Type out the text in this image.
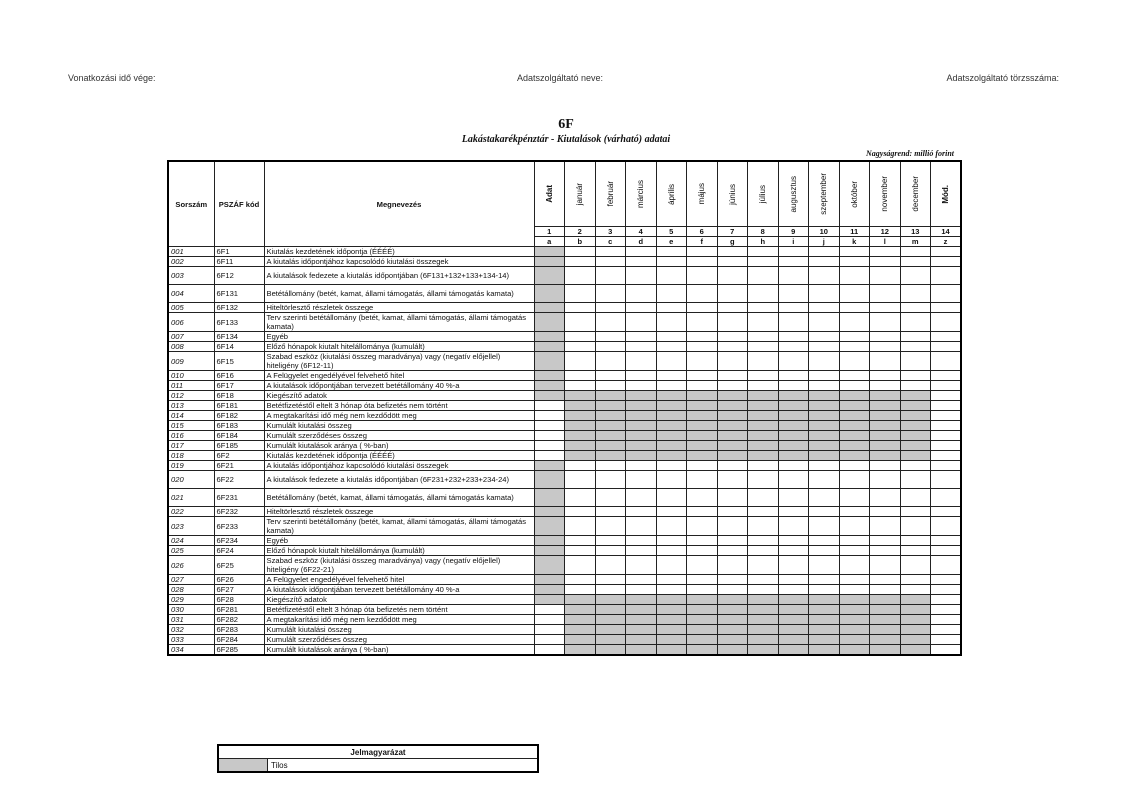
Vonatkozási idő vége:	Adatszolgáltató neve:	Adatszolgáltató törzsszáma:
6F
Lakástakarékpénztár - Kiutalások (várható) adatai
Nagyságrend: millió forint
Sorszám	PSZÁF kód	Megnevezés	Adat	január	február	március	április	május	június	július	augusztus	szeptember	október	november	december	Mód.

			1	2	3	4	5	6	7	8	9	10	11	12	13	14
			a	b	c	d	e	f	g	h	i	j	k	l	m	z
001	6F1	Kiutalás kezdetének időpontja (ÉÉÉÉ)														
002	6F11	A kiutalás időpontjához kapcsolódó kiutalási összegek														
003	6F12	A kiutalások fedezete a kiutalás időpontjában (6F131+132+133+134-14)														
004	6F131	Betétállomány (betét, kamat, állami támogatás, állami támogatás kamata)														
005	6F132	Hiteltörlesztő részletek összege														
006	6F133	Terv szerinti betétállomány (betét, kamat, állami támogatás, állami támogatás kamata)														
007	6F134	Egyéb														
008	6F14	Előző hónapok kiutalt hitelállománya (kumulált)														
009	6F15	Szabad eszköz (kiutalási összeg maradványa) vagy (negatív előjellel) hiteligény (6F12-11)														
010	6F16	A Felügyelet engedélyével felvehető hitel														
011	6F17	A kiutalások időpontjában tervezett betétállomány 40 %-a														
012	6F18	Kiegészítő adatok														
013	6F181	Betétfizetéstől eltelt 3 hónap óta befizetés nem történt														
014	6F182	A megtakarítási idő még nem kezdődött meg														
015	6F183	Kumulált kiutalási összeg														
016	6F184	Kumulált szerződéses összeg														
017	6F185	Kumulált kiutalások aránya ( %-ban)														
018	6F2	Kiutalás kezdetének időpontja (ÉÉÉÉ)														
019	6F21	A kiutalás időpontjához kapcsolódó kiutalási összegek														
020	6F22	A kiutalások fedezete a kiutalás időpontjában (6F231+232+233+234-24)														
021	6F231	Betétállomány (betét, kamat, állami támogatás, állami támogatás kamata)														
022	6F232	Hiteltörlesztő részletek összege														
023	6F233	Terv szerinti betétállomány (betét, kamat, állami támogatás, állami támogatás kamata)														
024	6F234	Egyéb														
025	6F24	Előző hónapok kiutalt hitelállománya (kumulált)														
026	6F25	Szabad eszköz (kiutalási összeg maradványa) vagy (negatív előjellel) hiteligény (6F22-21)														
027	6F26	A Felügyelet engedélyével felvehető hitel														
028	6F27	A kiutalások időpontjában tervezett betétállomány 40 %-a														
029	6F28	Kiegészítő adatok														
030	6F281	Betétfizetéstől eltelt 3 hónap óta befizetés nem történt														
031	6F282	A megtakarítási idő még nem kezdődött meg														
032	6F283	Kumulált kiutalási összeg														
033	6F284	Kumulált szerződéses összeg														
034	6F285	Kumulált kiutalások aránya ( %-ban)														
Jelmagyarázat
	Tilos
